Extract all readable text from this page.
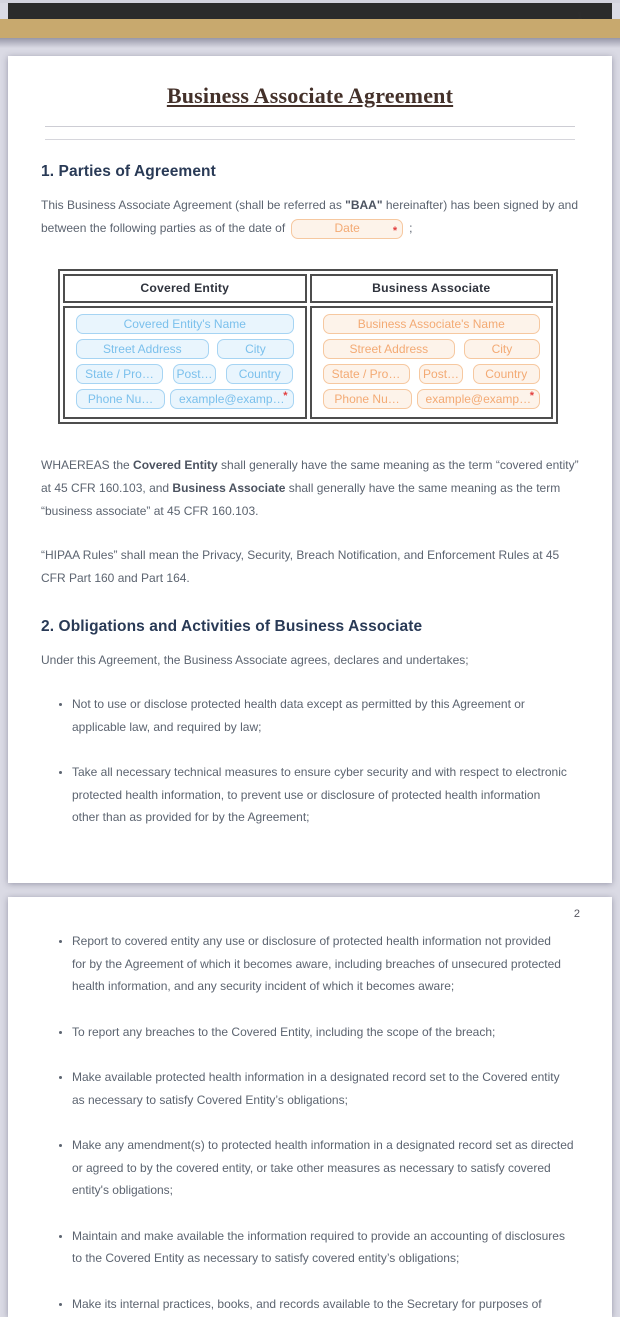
1
Business Associate Agreement
1. Parties of Agreement
This Business Associate Agreement (shall be referred as "BAA" hereinafter) has been signed by and
between the following parties as of the date of	Date	* ;
Covered Entity	Business Associate

Covered Entity's Name
Street Address	City
State / Pro…	Post…	Country
Phone Nu…	example@examp…
*

Business Associate's Name
Street Address	City
State / Pro…	Post…	Country
Phone Nu…	example@examp…
*
WHAEREAS the Covered Entity shall generally have the same meaning as the term “covered entity”
at 45 CFR 160.103, and Business Associate shall generally have the same meaning as the term
“business associate” at 45 CFR 160.103.
“HIPAA Rules” shall mean the Privacy, Security, Breach Notification, and Enforcement Rules at 45
CFR Part 160 and Part 164.
2. Obligations and Activities of Business Associate
Under this Agreement, the Business Associate agrees, declares and undertakes;
• Not to use or disclose protected health data except as permitted by this Agreement or
applicable law, and required by law;
• Take all necessary technical measures to ensure cyber security and with respect to electronic
protected health information, to prevent use or disclosure of protected health information
other than as provided for by the Agreement;
2
• Report to covered entity any use or disclosure of protected health information not provided
for by the Agreement of which it becomes aware, including breaches of unsecured protected
health information, and any security incident of which it becomes aware;
• To report any breaches to the Covered Entity, including the scope of the breach;
• Make available protected health information in a designated record set to the Covered entity
as necessary to satisfy Covered Entity’s obligations;
• Make any amendment(s) to protected health information in a designated record set as directed
or agreed to by the covered entity, or take other measures as necessary to satisfy covered
entity's obligations;
• Maintain and make available the information required to provide an accounting of disclosures
to the Covered Entity as necessary to satisfy covered entity’s obligations;
• Make its internal practices, books, and records available to the Secretary for purposes of
